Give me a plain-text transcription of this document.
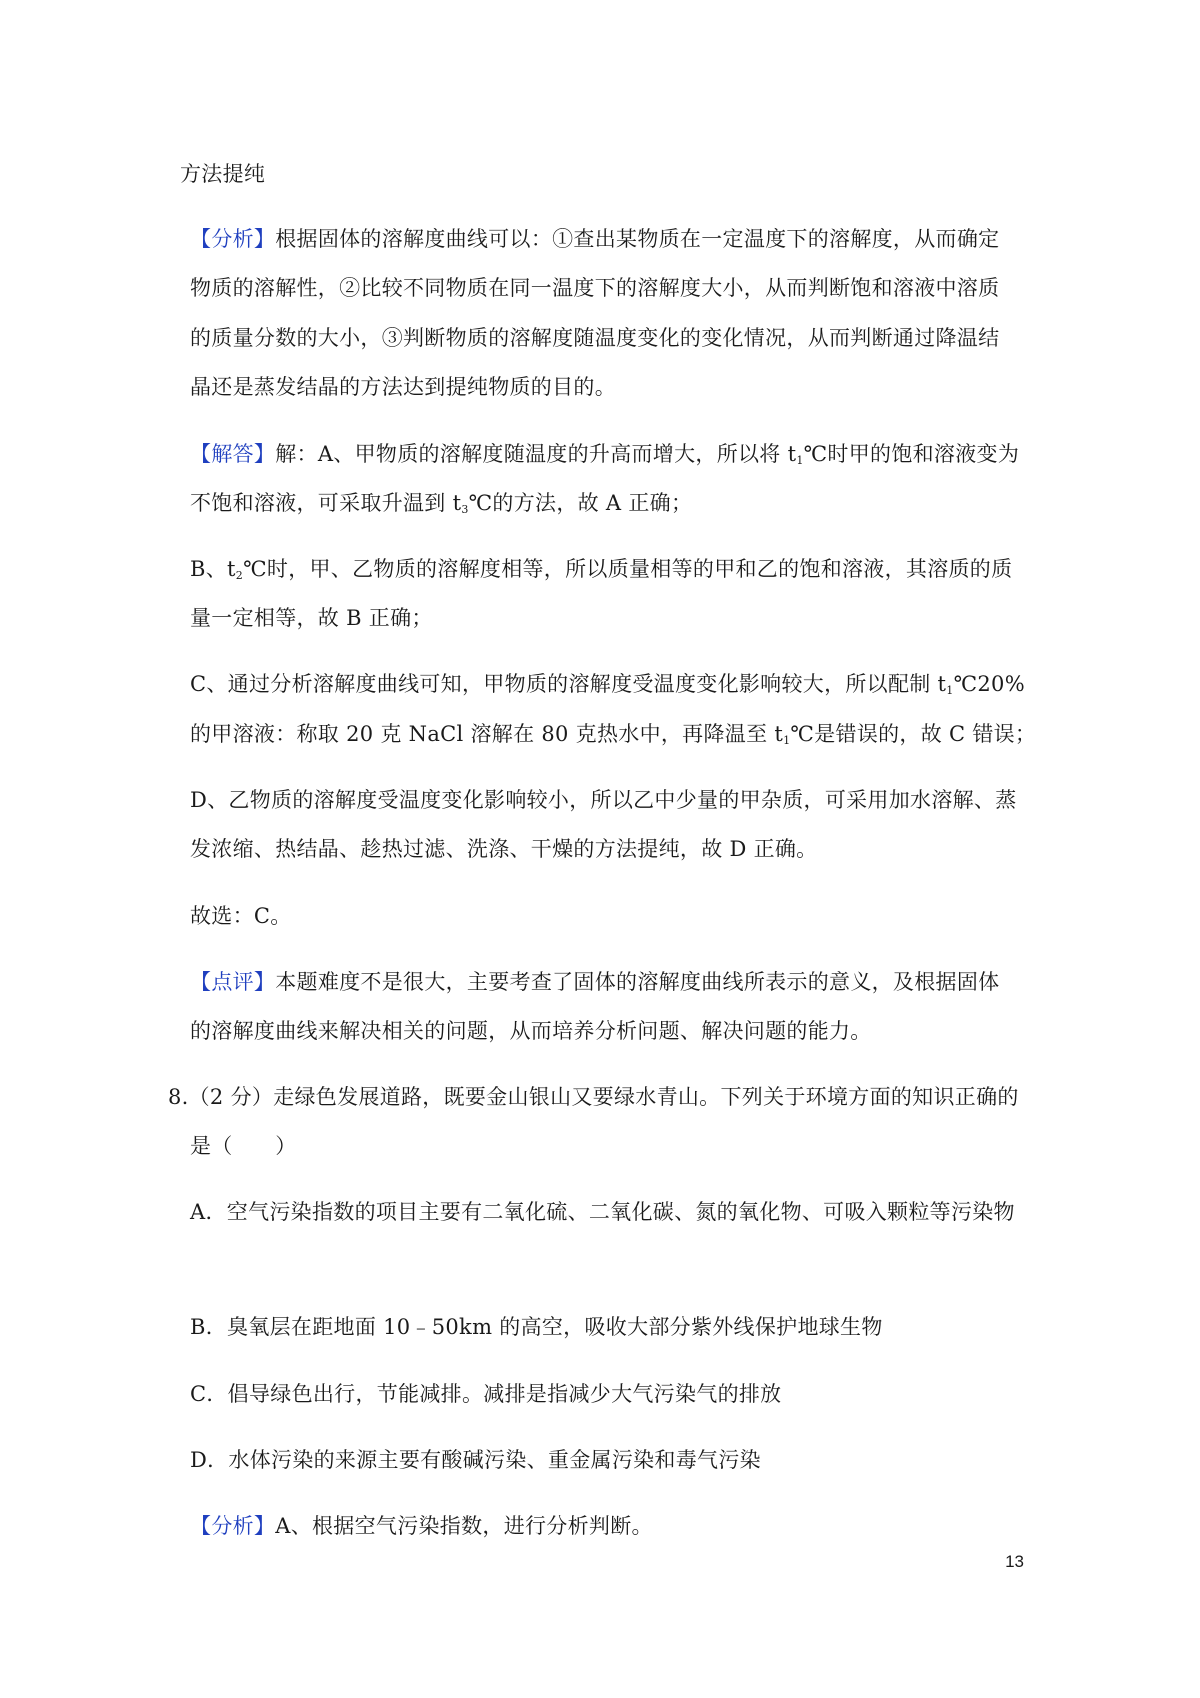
方法提纯
【分析】根据固体的溶解度曲线可以：①查出某物质在一定温度下的溶解度，从而确定
物质的溶解性，②比较不同物质在同一温度下的溶解度大小，从而判断饱和溶液中溶质
的质量分数的大小，③判断物质的溶解度随温度变化的变化情况，从而判断通过降温结
晶还是蒸发结晶的方法达到提纯物质的目的。
【解答】解：A、甲物质的溶解度随温度的升高而增大，所以将 $t_1℃$时甲的饱和溶液变为
不饱和溶液，可采取升温到 $t_3℃$的方法，故 A 正确；
B、$t_2℃$时，甲、乙物质的溶解度相等，所以质量相等的甲和乙的饱和溶液，其溶质的质
量一定相等，故 B 正确；
C、通过分析溶解度曲线可知，甲物质的溶解度受温度变化影响较大，所以配制 $t_1℃20\%$
的甲溶液：称取 20 克 NaCl 溶解在 80 克热水中，再降温至 $t_1℃$是错误的，故 C 错误；
D、乙物质的溶解度受温度变化影响较小，所以乙中少量的甲杂质，可采用加水溶解、蒸
发浓缩、热结晶、趁热过滤、洗涤、干燥的方法提纯，故 D 正确。
故选：C。
【点评】本题难度不是很大，主要考查了固体的溶解度曲线所表示的意义，及根据固体
的溶解度曲线来解决相关的问题，从而培养分析问题、解决问题的能力。
8.（2 分）走绿色发展道路，既要金山银山又要绿水青山。下列关于环境方面的知识正确的
是（　　）
A．空气污染指数的项目主要有二氧化硫、二氧化碳、氮的氧化物、可吸入颗粒等污染物
B．臭氧层在距地面 10﹣50km 的高空，吸收大部分紫外线保护地球生物
C．倡导绿色出行，节能减排。减排是指减少大气污染气的排放
D．水体污染的来源主要有酸碱污染、重金属污染和毒气污染
【分析】A、根据空气污染指数，进行分析判断。
13
